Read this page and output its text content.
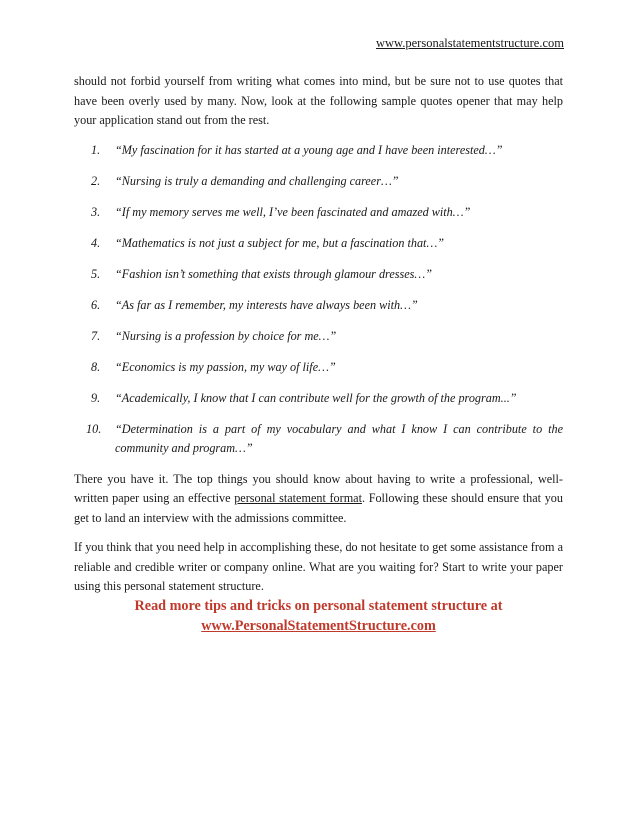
www.personalstatementstructure.com

should not forbid yourself from writing what comes into mind, but be sure not to use quotes that have been overly used by many. Now, look at the following sample quotes opener that may help your application stand out from the rest.

1. “My fascination for it has started at a young age and I have been interested…”
2. “Nursing is truly a demanding and challenging career…”
3. “If my memory serves me well, I’ve been fascinated and amazed with…”
4. “Mathematics is not just a subject for me, but a fascination that…”
5. “Fashion isn’t something that exists through glamour dresses…”
6. “As far as I remember, my interests have always been with…”
7. “Nursing is a profession by choice for me…”
8. “Economics is my passion, my way of life…”
9. “Academically, I know that I can contribute well for the growth of the program...”
10. “Determination is a part of my vocabulary and what I know I can contribute to the community and program…”

There you have it. The top things you should know about having to write a professional, well-written paper using an effective personal statement format. Following these should ensure that you get to land an interview with the admissions committee.

If you think that you need help in accomplishing these, do not hesitate to get some assistance from a reliable and credible writer or company online. What are you waiting for? Start to write your paper using this personal statement structure.

Read more tips and tricks on personal statement structure at
www.PersonalStatementStructure.com
